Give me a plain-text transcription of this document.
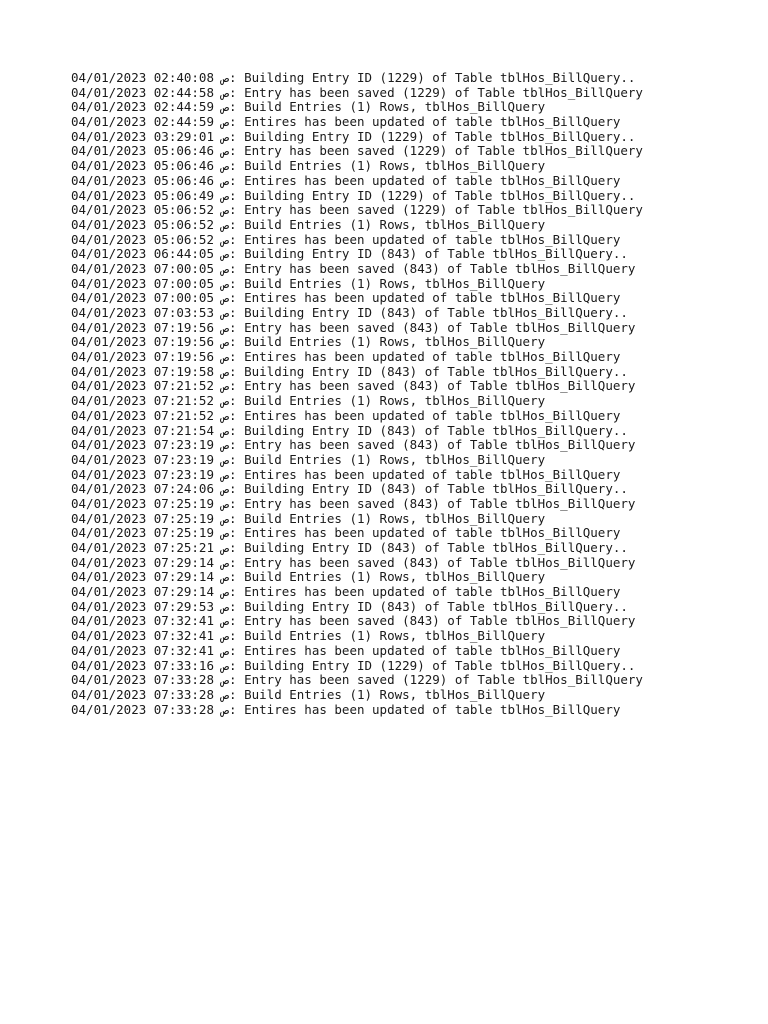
04/01/2023 02:40:08 ص: Building Entry ID (1229) of Table tblHos_BillQuery..
04/01/2023 02:44:58 ص: Entry has been saved (1229) of Table tblHos_BillQuery
04/01/2023 02:44:59 ص: Build Entries (1) Rows, tblHos_BillQuery
04/01/2023 02:44:59 ص: Entires has been updated of table tblHos_BillQuery
04/01/2023 03:29:01 ص: Building Entry ID (1229) of Table tblHos_BillQuery..
04/01/2023 05:06:46 ص: Entry has been saved (1229) of Table tblHos_BillQuery
04/01/2023 05:06:46 ص: Build Entries (1) Rows, tblHos_BillQuery
04/01/2023 05:06:46 ص: Entires has been updated of table tblHos_BillQuery
04/01/2023 05:06:49 ص: Building Entry ID (1229) of Table tblHos_BillQuery..
04/01/2023 05:06:52 ص: Entry has been saved (1229) of Table tblHos_BillQuery
04/01/2023 05:06:52 ص: Build Entries (1) Rows, tblHos_BillQuery
04/01/2023 05:06:52 ص: Entires has been updated of table tblHos_BillQuery
04/01/2023 06:44:05 ص: Building Entry ID (843) of Table tblHos_BillQuery..
04/01/2023 07:00:05 ص: Entry has been saved (843) of Table tblHos_BillQuery
04/01/2023 07:00:05 ص: Build Entries (1) Rows, tblHos_BillQuery
04/01/2023 07:00:05 ص: Entires has been updated of table tblHos_BillQuery
04/01/2023 07:03:53 ص: Building Entry ID (843) of Table tblHos_BillQuery..
04/01/2023 07:19:56 ص: Entry has been saved (843) of Table tblHos_BillQuery
04/01/2023 07:19:56 ص: Build Entries (1) Rows, tblHos_BillQuery
04/01/2023 07:19:56 ص: Entires has been updated of table tblHos_BillQuery
04/01/2023 07:19:58 ص: Building Entry ID (843) of Table tblHos_BillQuery..
04/01/2023 07:21:52 ص: Entry has been saved (843) of Table tblHos_BillQuery
04/01/2023 07:21:52 ص: Build Entries (1) Rows, tblHos_BillQuery
04/01/2023 07:21:52 ص: Entires has been updated of table tblHos_BillQuery
04/01/2023 07:21:54 ص: Building Entry ID (843) of Table tblHos_BillQuery..
04/01/2023 07:23:19 ص: Entry has been saved (843) of Table tblHos_BillQuery
04/01/2023 07:23:19 ص: Build Entries (1) Rows, tblHos_BillQuery
04/01/2023 07:23:19 ص: Entires has been updated of table tblHos_BillQuery
04/01/2023 07:24:06 ص: Building Entry ID (843) of Table tblHos_BillQuery..
04/01/2023 07:25:19 ص: Entry has been saved (843) of Table tblHos_BillQuery
04/01/2023 07:25:19 ص: Build Entries (1) Rows, tblHos_BillQuery
04/01/2023 07:25:19 ص: Entires has been updated of table tblHos_BillQuery
04/01/2023 07:25:21 ص: Building Entry ID (843) of Table tblHos_BillQuery..
04/01/2023 07:29:14 ص: Entry has been saved (843) of Table tblHos_BillQuery
04/01/2023 07:29:14 ص: Build Entries (1) Rows, tblHos_BillQuery
04/01/2023 07:29:14 ص: Entires has been updated of table tblHos_BillQuery
04/01/2023 07:29:53 ص: Building Entry ID (843) of Table tblHos_BillQuery..
04/01/2023 07:32:41 ص: Entry has been saved (843) of Table tblHos_BillQuery
04/01/2023 07:32:41 ص: Build Entries (1) Rows, tblHos_BillQuery
04/01/2023 07:32:41 ص: Entires has been updated of table tblHos_BillQuery
04/01/2023 07:33:16 ص: Building Entry ID (1229) of Table tblHos_BillQuery..
04/01/2023 07:33:28 ص: Entry has been saved (1229) of Table tblHos_BillQuery
04/01/2023 07:33:28 ص: Build Entries (1) Rows, tblHos_BillQuery
04/01/2023 07:33:28 ص: Entires has been updated of table tblHos_BillQuery
